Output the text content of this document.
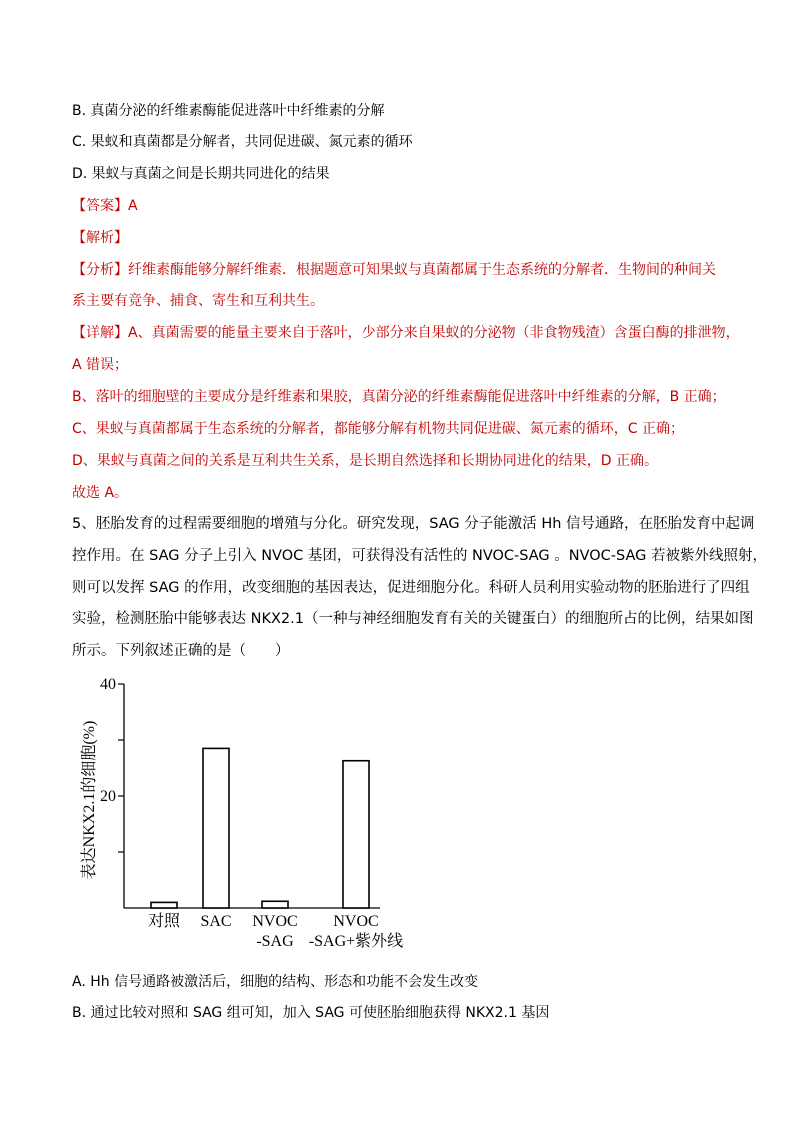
B. 真菌分泌的纤维素酶能促进落叶中纤维素的分解
C. 果蚁和真菌都是分解者，共同促进碳、氮元素的循环
D. 果蚁与真菌之间是长期共同进化的结果
【答案】A
【解析】
【分析】纤维素酶能够分解纤维素．根据题意可知果蚁与真菌都属于生态系统的分解者．生物间的种间关
系主要有竞争、捕食、寄生和互利共生。
【详解】A、真菌需要的能量主要来自于落叶，少部分来自果蚁的分泌物（非食物残渣）含蛋白酶的排泄物，
A 错误；
B、落叶的细胞壁的主要成分是纤维素和果胶，真菌分泌的纤维素酶能促进落叶中纤维素的分解，B 正确；
C、果蚁与真菌都属于生态系统的分解者，都能够分解有机物共同促进碳、氮元素的循环，C 正确；
D、果蚁与真菌之间的关系是互利共生关系，是长期自然选择和长期协同进化的结果，D 正确。
故选 A。
5、胚胎发育的过程需要细胞的增殖与分化。研究发现，SAG 分子能激活 Hh 信号通路，在胚胎发育中起调
控作用。在 SAG 分子上引入 NVOC 基团，可获得没有活性的 NVOC-SAG 。NVOC-SAG 若被紫外线照射，
则可以发挥 SAG 的作用，改变细胞的基因表达，促进细胞分化。科研人员利用实验动物的胚胎进行了四组
实验，检测胚胎中能够表达 NKX2.1（一种与神经细胞发育有关的关键蛋白）的细胞所占的比例，结果如图
所示。下列叙述正确的是（　　）
20
40
表达NKX2.1的细胞(%)
对照 SAC NVOC
-SAG
NVOC
-SAG+紫外线
A. Hh 信号通路被激活后，细胞的结构、形态和功能不会发生改变
B. 通过比较对照和 SAG 组可知，加入 SAG 可使胚胎细胞获得 NKX2.1 基因
